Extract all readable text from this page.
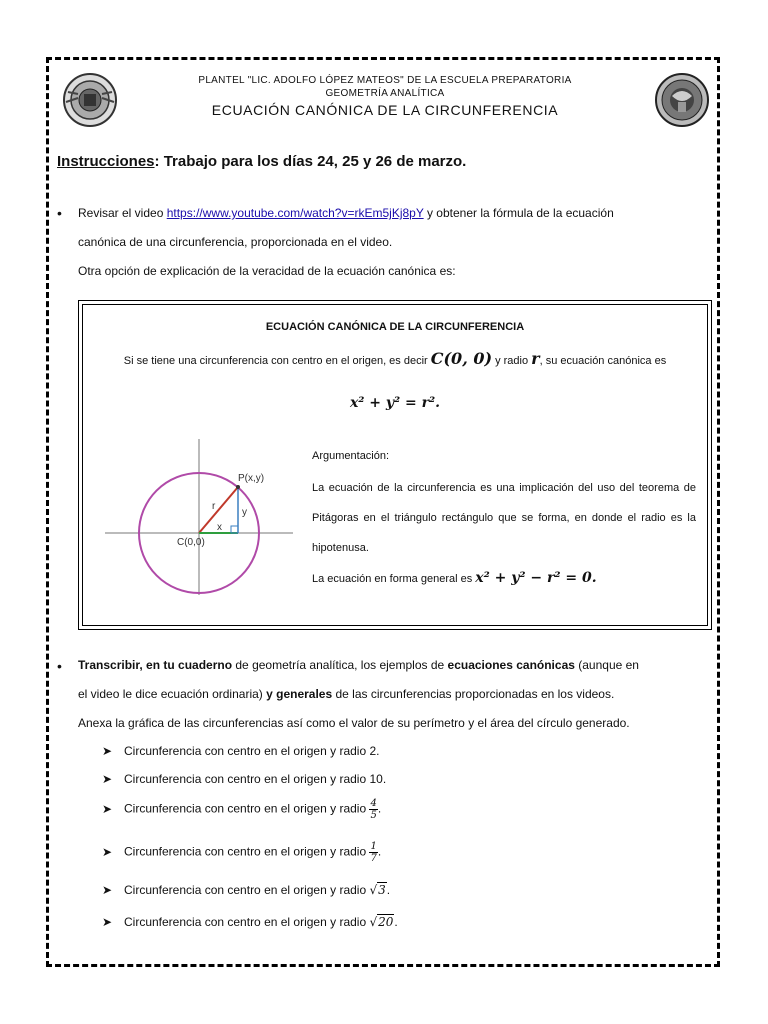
PLANTEL "LIC. ADOLFO LÓPEZ MATEOS" DE LA ESCUELA PREPARATORIA
GEOMETRÍA ANALÍTICA
ECUACIÓN CANÓNICA DE LA CIRCUNFERENCIA
Instrucciones: Trabajo para los días 24, 25 y 26 de marzo.
• Revisar el video https://www.youtube.com/watch?v=rkEm5jKj8pY y obtener la fórmula de la ecuación
canónica de una circunferencia, proporcionada en el video.
Otra opción de explicación de la veracidad de la ecuación canónica es:
ECUACIÓN CANÓNICA DE LA CIRCUNFERENCIA
Si se tiene una circunferencia con centro en el origen, es decir C(0, 0) y radio r, su ecuación canónica es
x² + y² = r².
P(x,y)
r
x
y
C(0,0)
Argumentación:
La ecuación de la circunferencia es una implicación del uso del teorema de Pitágoras en el triángulo rectángulo que se forma, en donde el radio es la hipotenusa.
La ecuación en forma general es x² + y² − r² = 0.
• Transcribir, en tu cuaderno de geometría analítica, los ejemplos de ecuaciones canónicas (aunque en
el video le dice ecuación ordinaria) y generales de las circunferencias proporcionadas en los videos.
Anexa la gráfica de las circunferencias así como el valor de su perímetro y el área del círculo generado.
➤ Circunferencia con centro en el origen y radio 2.
➤ Circunferencia con centro en el origen y radio 10.
➤ Circunferencia con centro en el origen y radio $\frac{4}{5}$ .
➤ Circunferencia con centro en el origen y radio $\frac{1}{7}$ .
➤ Circunferencia con centro en el origen y radio √3.
➤ Circunferencia con centro en el origen y radio √20.
